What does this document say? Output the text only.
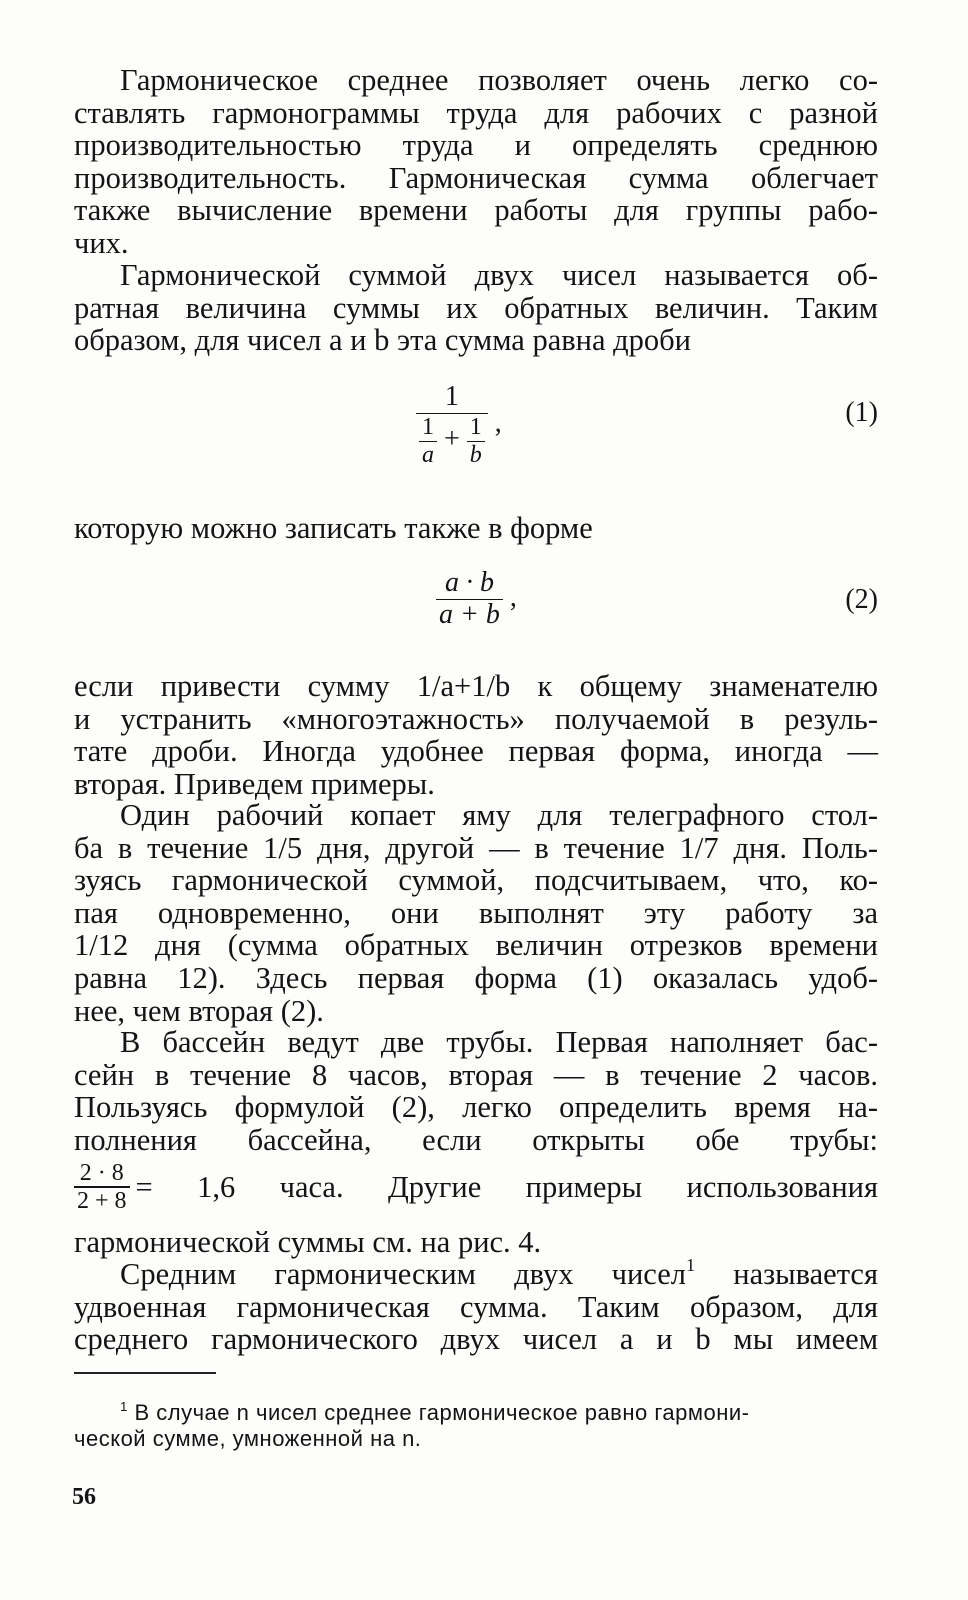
Гармоническое среднее позволяет очень легко со-
ставлять гармонограммы труда для рабочих с разной
производительностью труда и определять среднюю
производительность. Гармоническая сумма облегчает
также вычисление времени работы для группы рабо-
чих.
Гармонической суммой двух чисел называется об-
ратная величина суммы их обратных величин. Таким
образом, для чисел a и b эта сумма равна дроби
1
$\frac{1}{a} + \frac{1}{b}$ ,	(1)
которую можно записать также в форме
$\frac{a \cdot b}{a + b}$ ,	(2)
если привести сумму 1/a+1/b к общему знаменателю
и устранить «многоэтажность» получаемой в резуль-
тате дроби. Иногда удобнее первая форма, иногда —
вторая. Приведем примеры.
Один рабочий копает яму для телеграфного стол-
ба в течение 1/5 дня, другой — в течение 1/7 дня. Поль-
зуясь гармонической суммой, подсчитываем, что, ко-
пая одновременно, они выполнят эту работу за
1/12 дня (сумма обратных величин отрезков времени
равна 12). Здесь первая форма (1) оказалась удоб-
нее, чем вторая (2).
В бассейн ведут две трубы. Первая наполняет бас-
сейн в течение 8 часов, вторая — в течение 2 часов.
Пользуясь формулой (2), легко определить время на-
полнения бассейна, если открыты обе трубы:
$\frac{2 \cdot 8}{2 + 8} = 1,6$ часа. Другие примеры использования
гармонической суммы см. на рис. 4.
Средним гармоническим двух чисел$^1$ называется
удвоенная гармоническая сумма. Таким образом, для
среднего гармонического двух чисел a и b мы имеем
$^1$ В случае n чисел среднее гармоническое равно гармони-
ческой сумме, умноженной на n.
56
